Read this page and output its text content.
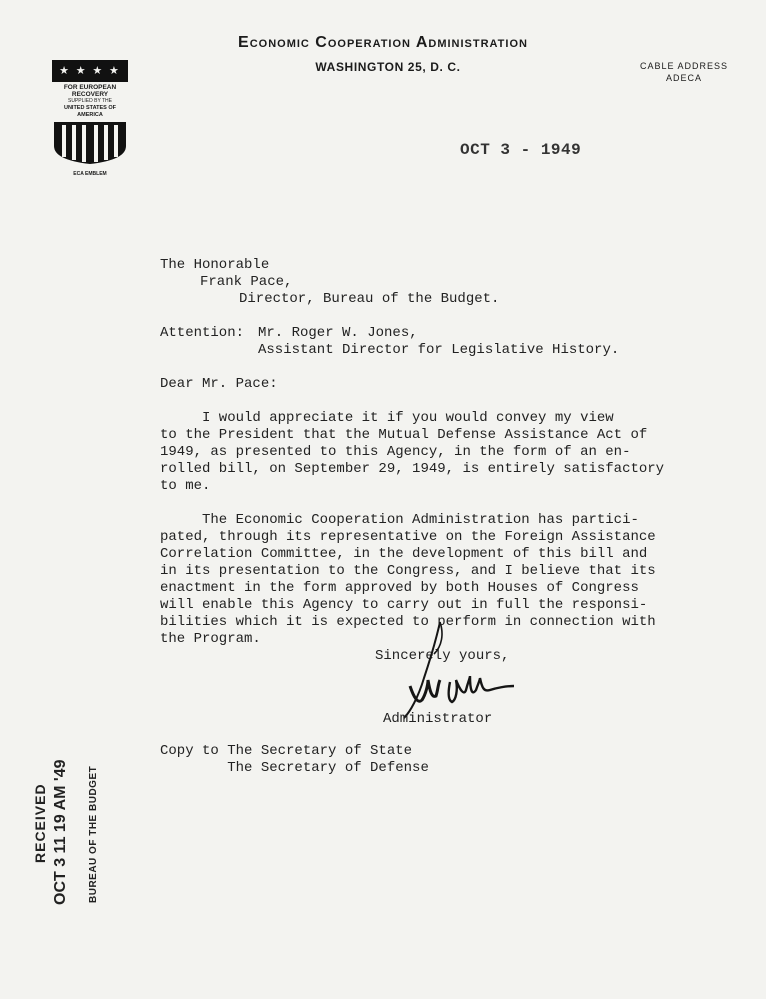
Economic Cooperation Administration
WASHINGTON 25, D. C.	CABLE ADDRESS
ADECA
★ ★ ★ ★
FOR EUROPEAN RECOVERY
SUPPLIED BY THE
UNITED STATES OF AMERICA
ECA EMBLEM
OCT 3 - 1949
The Honorable
Frank Pace,
Director, Bureau of the Budget.
Attention: Mr. Roger W. Jones,
Assistant Director for Legislative History.
Dear Mr. Pace:
I would appreciate it if you would convey my view
to the President that the Mutual Defense Assistance Act of
1949, as presented to this Agency, in the form of an en-
rolled bill, on September 29, 1949, is entirely satisfactory
to me.
The Economic Cooperation Administration has partici-
pated, through its representative on the Foreign Assistance
Correlation Committee, in the development of this bill and
in its presentation to the Congress, and I believe that its
enactment in the form approved by both Houses of Congress
will enable this Agency to carry out in full the responsi-
bilities which it is expected to perform in connection with
the Program.
Sincerely yours,
Administrator
Copy to The Secretary of State
The Secretary of Defense
RECEIVED OCT 3 11 19 AM '49 BUREAU OF THE BUDGET
